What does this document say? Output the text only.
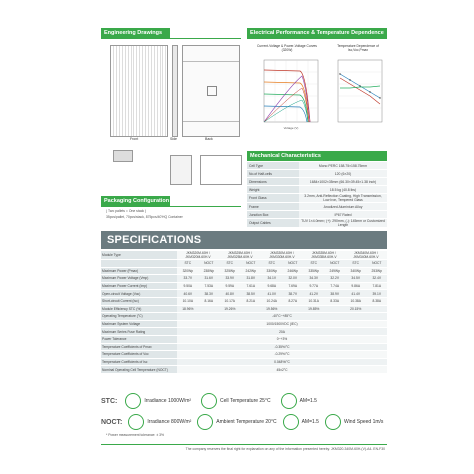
Engineering Drawings
Front	Side	Back
Packaging Configuration
( Two pallets = One stack )
35pcs/pallet, 70pcs/stack, 875pcs/40'HQ Container
Electrical Performance & Temperature Dependence
Current-Voltage & Power-Voltage Curves (320W)
Voltage (V)
Temperature Dependence of Isc,Voc,Pmax
Mechanical Characteristics
Cell Type	Mono PERC 158.75×158.75mm
No.of Half-cells	120 (6×20)
Dimensions	1684×1002×35mm (66.30×39.45×1.38 inch)
Weight	18.5 kg (40.8 lbs)
Front Glass	3.2mm, Anti-Reflection Coating, High Transmission, Low Iron, Tempered Glass
Frame	Anodized Aluminium Alloy
Junction Box	IP67 Rated
Output Cables	TUV 1×4.0mm²; (+): 290mm, (-): 145mm or Customized Length
SPECIFICATIONS
Module Type	JKM320M-60H / JKM320M-60H-V		JKM325M-60H / JKM325M-60H-V		JKM330M-60H / JKM330M-60H-V		JKM335M-60H / JKM335M-60H-V		JKM340M-60H / JKM340M-60H-V	
	STC	NOCT	STC	NOCT	STC	NOCT	STC	NOCT	STC	NOCT
Maximum Power (Pmax)	320Wp	238Wp	325Wp	242Wp	330Wp	246Wp	335Wp	249Wp	340Wp	253Wp
Maximum Power Voltage (Vmp)	33.7V	31.6V	33.9V	31.8V	34.1V	32.0V	34.3V	32.2V	34.5V	32.4V
Maximum Power Current (Imp)	9.50A	7.53A	9.59A	7.61A	9.68A	7.69A	9.77A	7.74A	9.86A	7.81A
Open-circuit Voltage (Voc)	40.6V	38.3V	40.8V	38.5V	41.0V	38.7V	41.2V	38.9V	41.4V	39.1V
Short-circuit Current (Isc)	10.10A	8.16A	10.17A	8.21A	10.24A	8.27A	10.31A	8.33A	10.38A	8.38A
Module Efficiency STC (%)	18.96%		19.26%		19.56%		19.85%		20.15%	
Operating Temperature (°C)	-40°C~+85°C									
Maximum System Voltage	1000/1500VDC (IEC)									
Maximum Series Fuse Rating	20A									
Power Tolerance	0~+3%									
Temperature Coefficients of Pmax	-0.35%/°C									
Temperature Coefficients of Voc	-0.29%/°C									
Temperature Coefficients of Isc	0.048%/°C									
Nominal Operating Cell Temperature (NOCT)	45±2°C									
STC:	Irradiance 1000W/m²	Cell Temperature 25°C	AM=1.5
NOCT:	Irradiance 800W/m²	Ambient Temperature 20°C	AM=1.5	Wind Speed 1m/s
* Power measurement tolerance: ± 3%
The company reserves the final right for explanation on any of the information presented hereby. JKM320-340M-60H-(V)-A4- EN-F30
